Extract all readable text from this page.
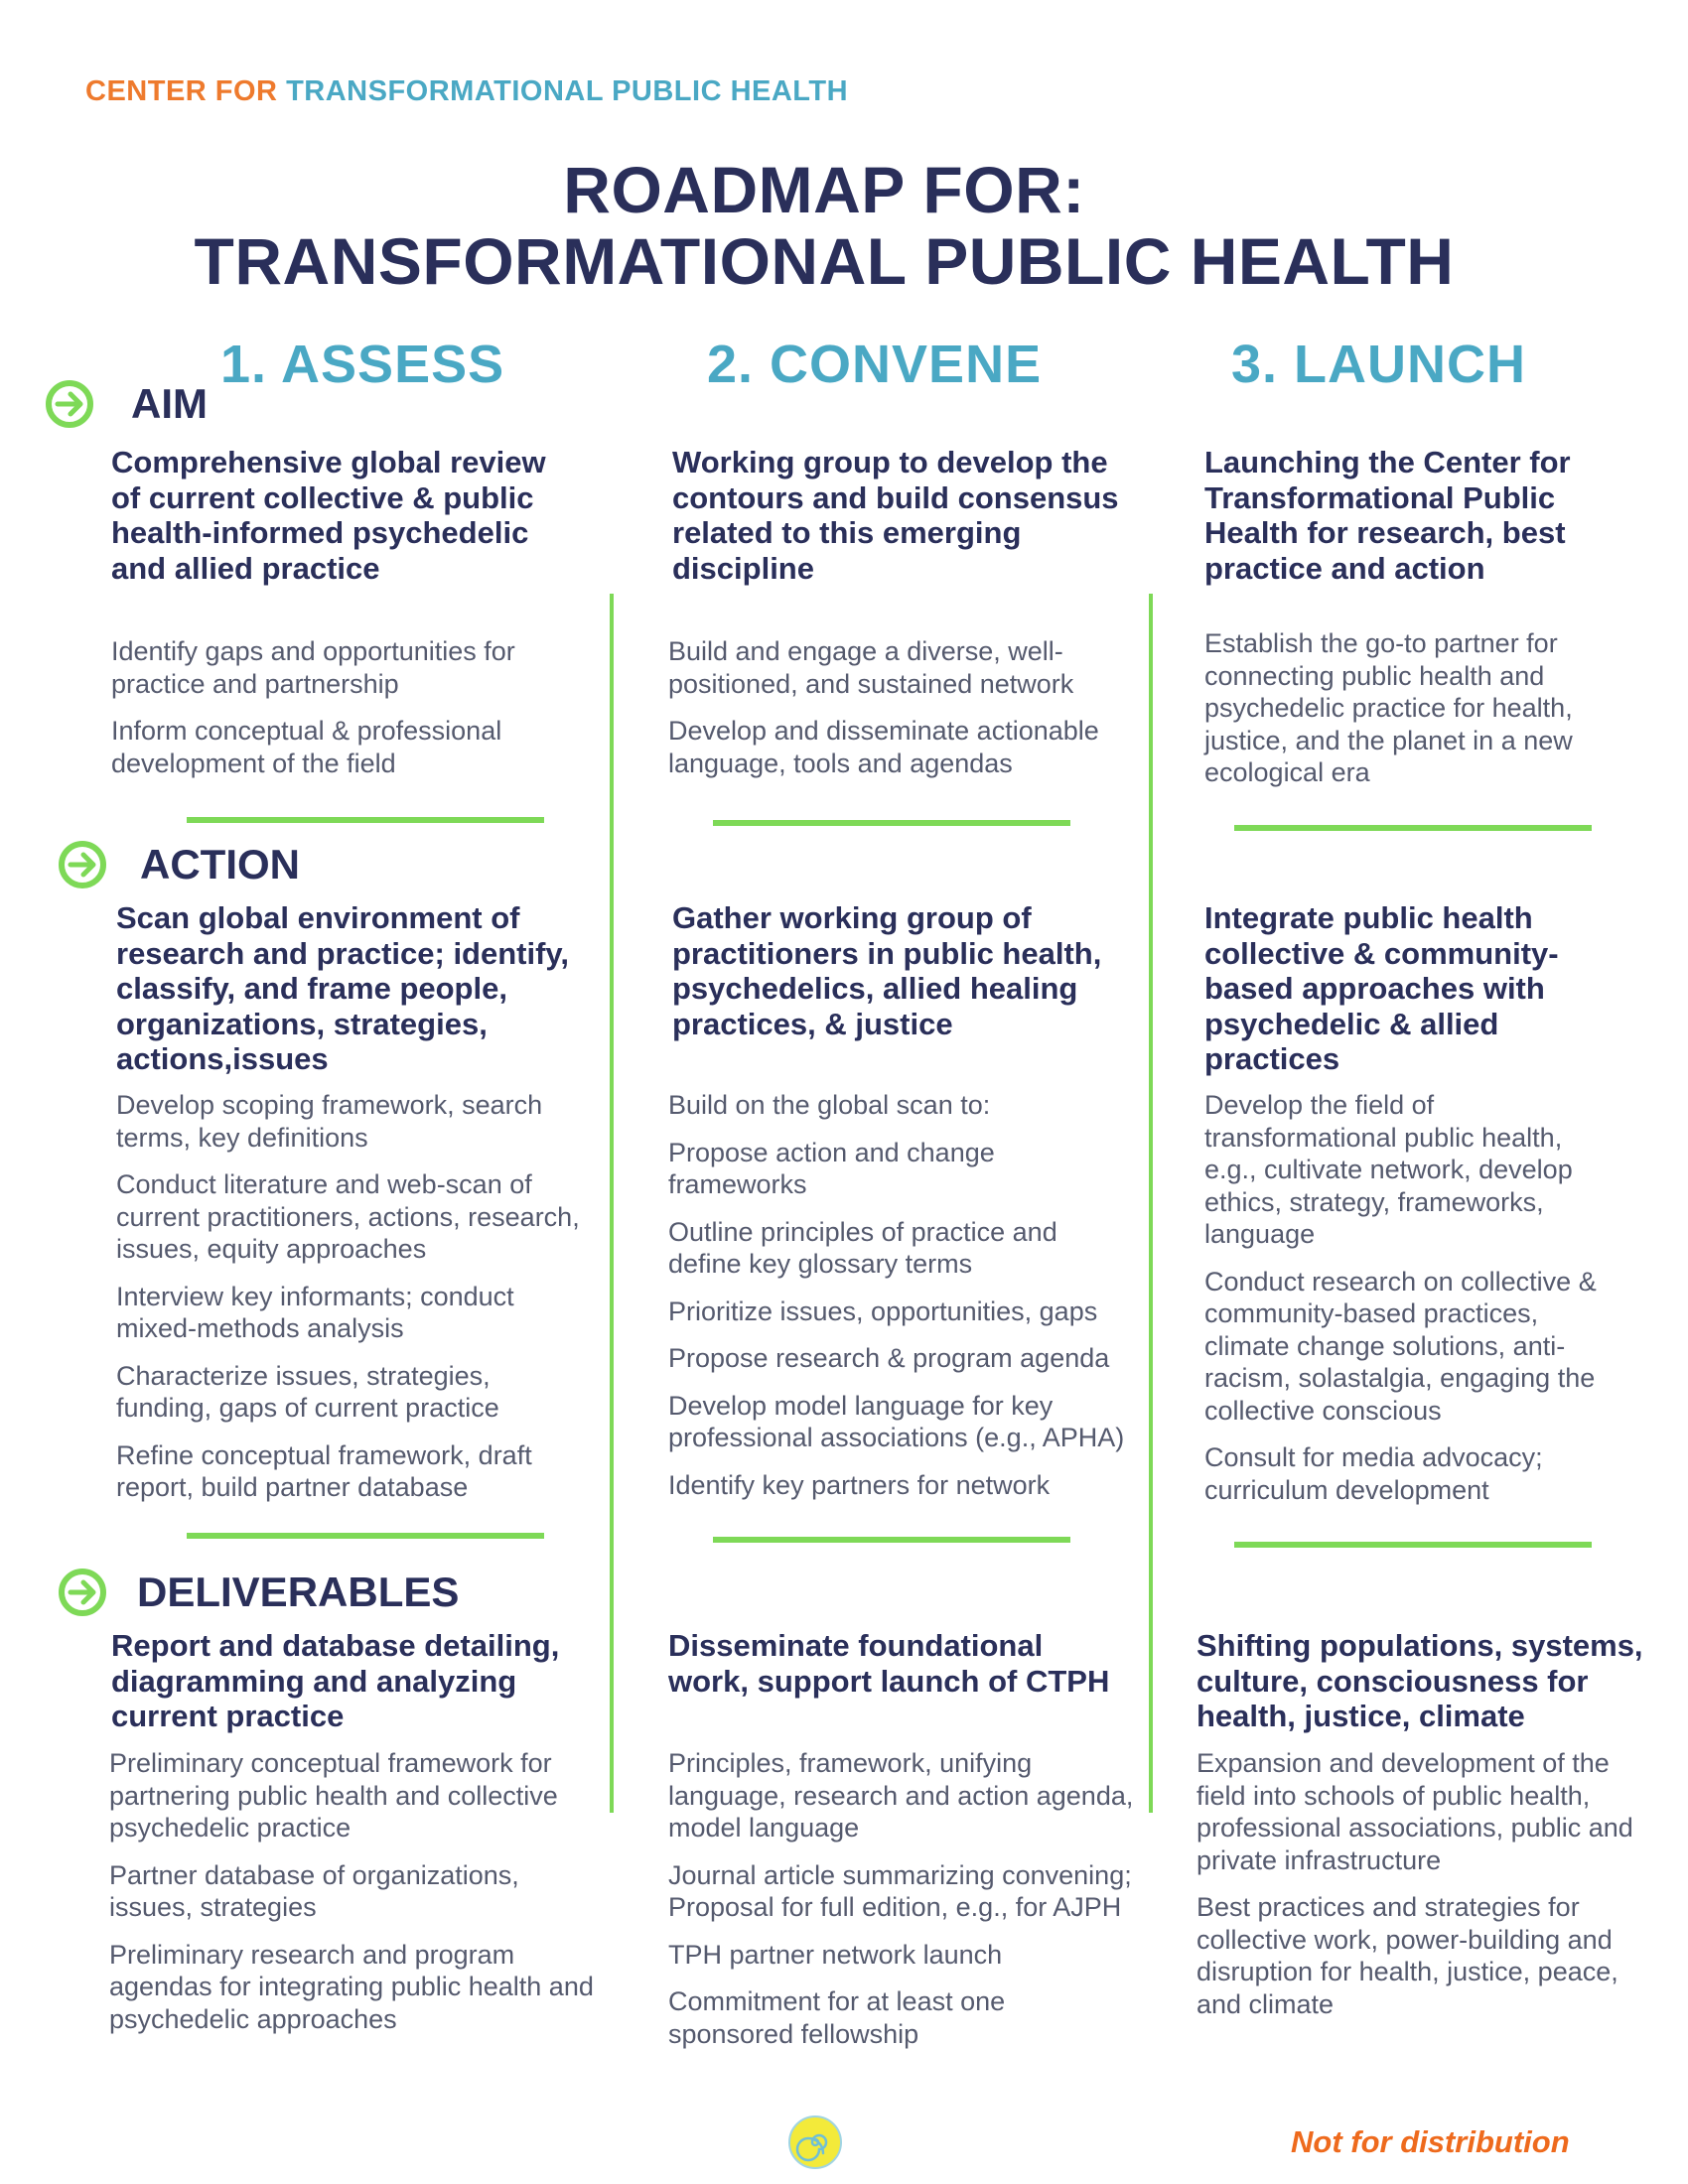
CENTER FOR TRANSFORMATIONAL PUBLIC HEALTH
ROADMAP FOR:
TRANSFORMATIONAL PUBLIC HEALTH
1. ASSESS	2. CONVENE	3. LAUNCH
AIM
Comprehensive global review of current collective & public health-informed psychedelic and allied practice

Identify gaps and opportunities for practice and partnership

Inform conceptual & professional development of the field

Working group to develop the contours and build consensus related to this emerging discipline

Build and engage a diverse, well-positioned, and sustained network

Develop and disseminate actionable language, tools and agendas

Launching the Center for Transformational Public Health for research, best practice and action

Establish the go-to partner for connecting public health and psychedelic practice for health, justice, and the planet in a new ecological era

ACTION
Scan global environment of research and practice; identify, classify, and frame people, organizations, strategies, actions,issues

Develop scoping framework, search terms, key definitions

Conduct literature and web-scan of current practitioners, actions, research, issues, equity approaches

Interview key informants; conduct mixed-methods analysis

Characterize issues, strategies, funding, gaps of current practice

Refine conceptual framework, draft report, build partner database

Gather working group of practitioners in public health, psychedelics, allied healing practices, & justice

Build on the global scan to:

Propose action and change frameworks

Outline principles of practice and define key glossary terms

Prioritize issues, opportunities, gaps

Propose research & program agenda

Develop model language for key professional associations (e.g., APHA)

Identify key partners for network

Integrate public health collective & community-based approaches with psychedelic & allied practices

Develop the field of transformational public health, e.g., cultivate network, develop ethics, strategy, frameworks, language

Conduct research on collective & community-based practices, climate change solutions, anti-racism, solastalgia, engaging the collective conscious

Consult for media advocacy; curriculum development

DELIVERABLES
Report and database detailing, diagramming and analyzing current practice

Preliminary conceptual framework for partnering public health and collective psychedelic practice

Partner database of organizations, issues, strategies

Preliminary research and program agendas for integrating public health and psychedelic approaches

Disseminate foundational work, support launch of CTPH

Principles, framework, unifying language, research and action agenda, model language

Journal article summarizing convening; Proposal for full edition, e.g., for AJPH

TPH partner network launch

Commitment for at least one sponsored fellowship

Shifting populations, systems, culture, consciousness for health, justice, climate

Expansion and development of the field into schools of public health, professional associations, public and private infrastructure

Best practices and strategies for collective work, power-building and disruption for health, justice, peace, and climate

Not for distribution
